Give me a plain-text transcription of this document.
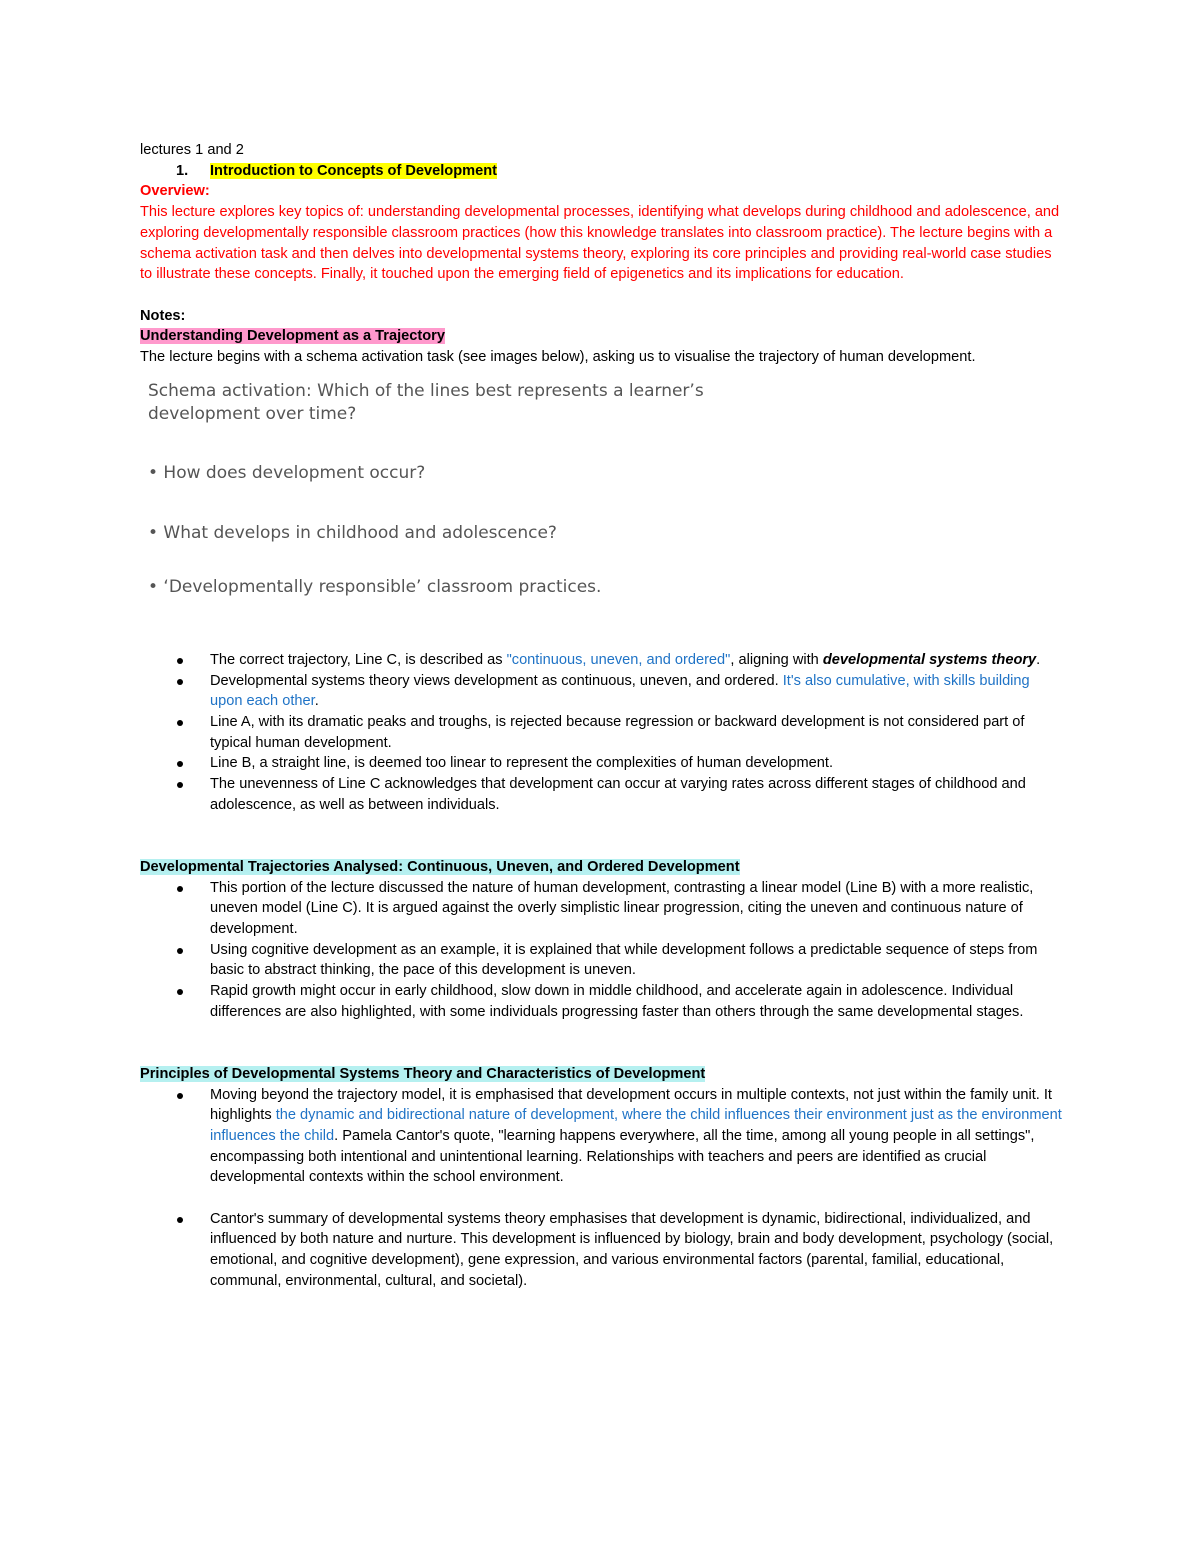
lectures 1 and 2

1. Introduction to Concepts of Development

Overview:

This lecture explores key topics of: understanding developmental processes, identifying what develops during childhood and adolescence, and exploring developmentally responsible classroom practices (how this knowledge translates into classroom practice). The lecture begins with a schema activation task and then delves into developmental systems theory, exploring its core principles and providing real-world case studies to illustrate these concepts. Finally, it touched upon the emerging field of epigenetics and its implications for education.

Notes:

Understanding Development as a Trajectory

The lecture begins with a schema activation task (see images below), asking us to visualise the trajectory of human development.

Schema activation: Which of the lines best represents a learner’s
development over time?
• How does development occur?
• What develops in childhood and adolescence?
• ‘Developmentally responsible’ classroom practices.
The correct trajectory, Line C, is described as "continuous, uneven, and ordered", aligning with developmental systems theory.
Developmental systems theory views development as continuous, uneven, and ordered. It's also cumulative, with skills building upon each other.
Line A, with its dramatic peaks and troughs, is rejected because regression or backward development is not considered part of typical human development.
Line B, a straight line, is deemed too linear to represent the complexities of human development.
The unevenness of Line C acknowledges that development can occur at varying rates across different stages of childhood and adolescence, as well as between individuals.

Developmental Trajectories Analysed: Continuous, Uneven, and Ordered Development

This portion of the lecture discussed the nature of human development, contrasting a linear model (Line B) with a more realistic, uneven model (Line C). It is argued against the overly simplistic linear progression, citing the uneven and continuous nature of development.
Using cognitive development as an example, it is explained that while development follows a predictable sequence of steps from basic to abstract thinking, the pace of this development is uneven.
Rapid growth might occur in early childhood, slow down in middle childhood, and accelerate again in adolescence. Individual differences are also highlighted, with some individuals progressing faster than others through the same developmental stages.

Principles of Developmental Systems Theory and Characteristics of Development

Moving beyond the trajectory model, it is emphasised that development occurs in multiple contexts, not just within the family unit. It highlights the dynamic and bidirectional nature of development, where the child influences their environment just as the environment influences the child. Pamela Cantor's quote, "learning happens everywhere, all the time, among all young people in all settings", encompassing both intentional and unintentional learning. Relationships with teachers and peers are identified as crucial developmental contexts within the school environment.
Cantor's summary of developmental systems theory emphasises that development is dynamic, bidirectional, individualized, and influenced by both nature and nurture. This development is influenced by biology, brain and body development, psychology (social, emotional, and cognitive development), gene expression, and various environmental factors (parental, familial, educational, communal, environmental, cultural, and societal).
